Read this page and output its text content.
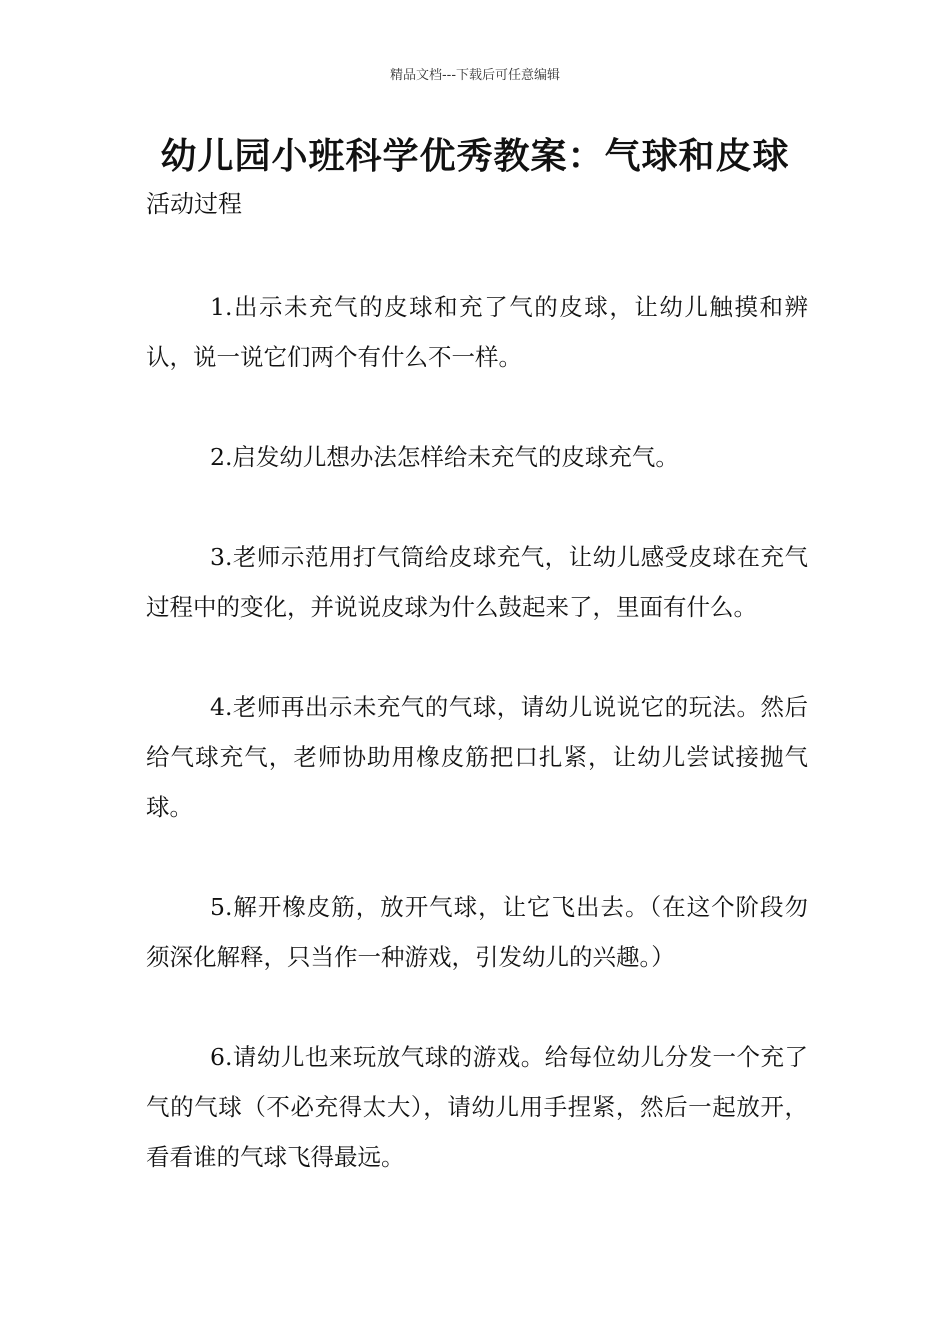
精品文档---下载后可任意编辑
幼儿园小班科学优秀教案：气球和皮球
活动过程

1.出示未充气的皮球和充了气的皮球，让幼儿触摸和辨认，说一说它们两个有什么不一样。

2.启发幼儿想办法怎样给未充气的皮球充气。

3.老师示范用打气筒给皮球充气，让幼儿感受皮球在充气过程中的变化，并说说皮球为什么鼓起来了，里面有什么。

4.老师再出示未充气的气球，请幼儿说说它的玩法。然后给气球充气，老师协助用橡皮筋把口扎紧，让幼儿尝试接抛气球。

5.解开橡皮筋，放开气球，让它飞出去。（在这个阶段勿须深化解释，只当作一种游戏，引发幼儿的兴趣。）

6.请幼儿也来玩放气球的游戏。给每位幼儿分发一个充了气的气球（不必充得太大），请幼儿用手捏紧，然后一起放开，看看谁的气球飞得最远。
